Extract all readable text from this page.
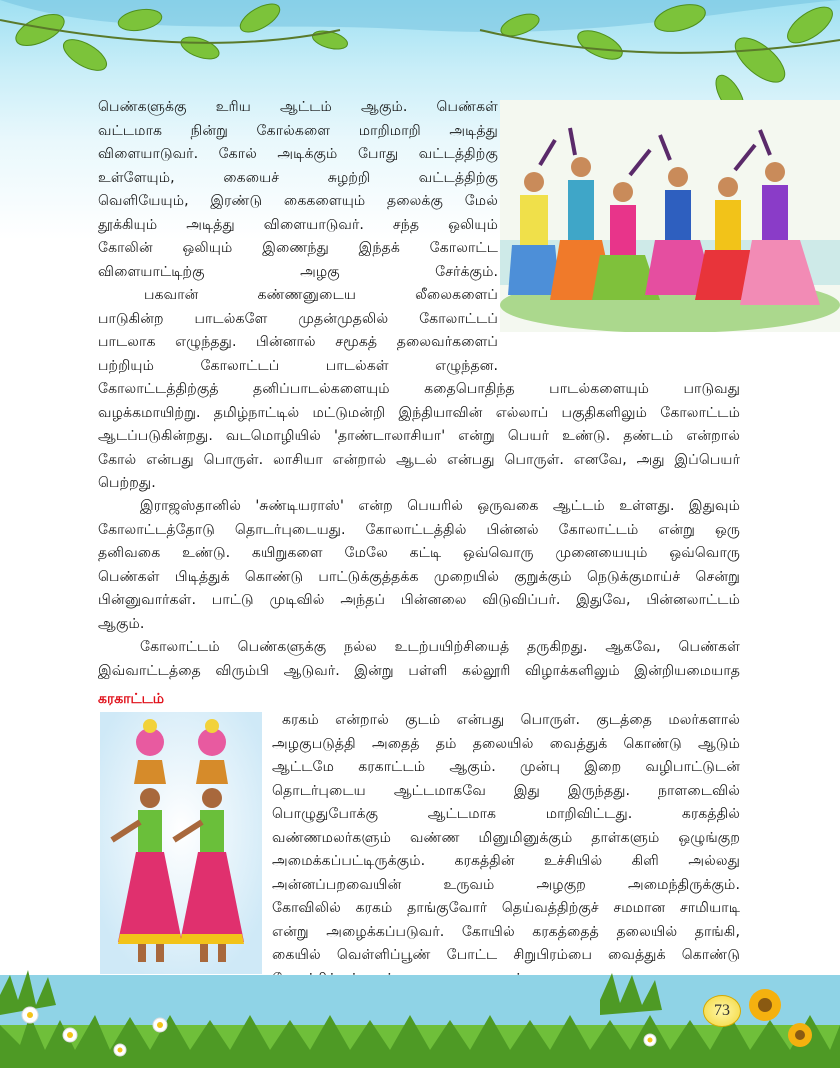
பெண்களுக்கு உரிய ஆட்டம் ஆகும். பெண்கள்
வட்டமாக நின்று கோல்களை மாறிமாறி அடித்து
விளையாடுவர். கோல் அடிக்கும் போது வட்டத்திற்கு
உள்ளேயும், கையைச் சுழற்றி வட்டத்திற்கு
வெளியேயும், இரண்டு கைகளையும் தலைக்கு மேல்
தூக்கியும் அடித்து விளையாடுவர். சந்த ஒலியும்
கோலின் ஒலியும் இணைந்து இந்தக் கோலாட்ட
விளையாட்டிற்கு அழகு சேர்க்கும்.
பகவான் கண்ணனுடைய லீலைகளைப்
பாடுகின்ற பாடல்களே முதன்முதலில் கோலாட்டப்
பாடலாக எழுந்தது. பின்னால் சமூகத் தலைவர்களைப்
பற்றியும் கோலாட்டப் பாடல்கள் எழுந்தன.
கோலாட்டத்திற்குத் தனிப்பாடல்களையும் கதைபொதிந்த பாடல்களையும் பாடுவது
வழக்கமாயிற்று. தமிழ்நாட்டில் மட்டுமன்றி இந்தியாவின் எல்லாப் பகுதிகளிலும் கோலாட்டம்
ஆடப்படுகின்றது. வடமொழியில் 'தாண்டாலாசியா' என்று பெயர் உண்டு. தண்டம் என்றால்
கோல் என்பது பொருள். லாசியா என்றால் ஆடல் என்பது பொருள். எனவே, அது இப்பெயர்
பெற்றது.
இராஜஸ்தானில் 'சுண்டியராஸ்' என்ற பெயரில் ஒருவகை ஆட்டம் உள்ளது. இதுவும்
கோலாட்டத்தோடு தொடர்புடையது. கோலாட்டத்தில் பின்னல் கோலாட்டம் என்று ஒரு
தனிவகை உண்டு. கயிறுகளை மேலே கட்டி ஒவ்வொரு முனையையும் ஒவ்வொரு
பெண்கள் பிடித்துக் கொண்டு பாட்டுக்குத்தக்க முறையில் குறுக்கும் நெடுக்குமாய்ச் சென்று
பின்னுவார்கள். பாட்டு முடிவில் அந்தப் பின்னலை விடுவிப்பர். இதுவே, பின்னலாட்டம்
ஆகும்.
கோலாட்டம் பெண்களுக்கு நல்ல உடற்பயிற்சியைத் தருகிறது. ஆகவே, பெண்கள்
இவ்வாட்டத்தை விரும்பி ஆடுவர். இன்று பள்ளி கல்லூரி விழாக்களிலும் இன்றியமையாத
கரகாட்டம்
கரகம் என்றால் குடம் என்பது பொருள். குடத்தை மலர்களால்
அழகுபடுத்தி அதைத் தம் தலையில் வைத்துக் கொண்டு ஆடும்
ஆட்டமே கரகாட்டம் ஆகும். முன்பு இறை வழிபாட்டுடன்
தொடர்புடைய ஆட்டமாகவே இது இருந்தது. நாளடைவில்
பொழுதுபோக்கு ஆட்டமாக மாறிவிட்டது. கரகத்தில்
வண்ணமலர்களும் வண்ண மினுமினுக்கும் தாள்களும் ஒழுங்குற
அமைக்கப்பட்டிருக்கும். கரகத்தின் உச்சியில் கிளி அல்லது
அன்னப்பறவையின் உருவம் அழகுற அமைந்திருக்கும்.
கோவிலில் கரகம் தாங்குவோர் தெய்வத்திற்குச் சமமான சாமியாடி
என்று அழைக்கப்படுவர். கோயில் கரகத்தைத் தலையில் தாங்கி,
கையில் வெள்ளிப்பூண் போட்ட சிறுபிரம்பை வைத்துக் கொண்டு
73
